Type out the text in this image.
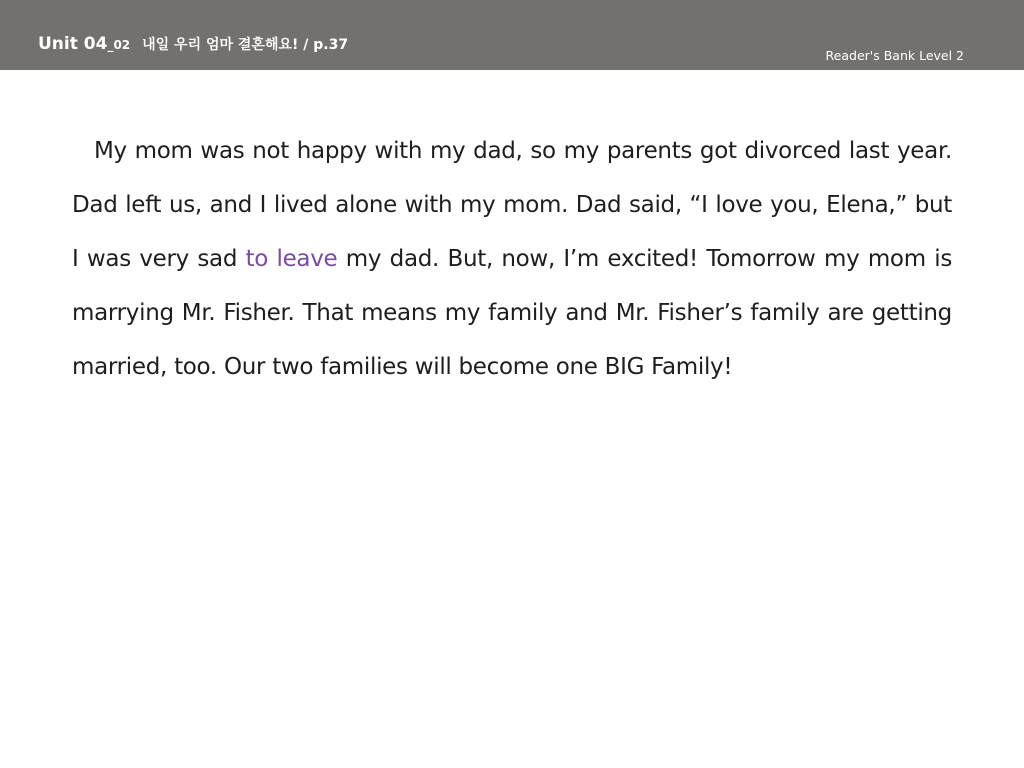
Unit 04_02 내일 우리 엄마 결혼해요! / p.37
Reader's Bank Level 2

My mom was not happy with my dad, so my parents got divorced last year. Dad left us, and I lived alone with my mom. Dad said, “I love you, Elena,” but I was very sad to leave my dad. But, now, I’m excited! Tomorrow my mom is marrying Mr. Fisher. That means my family and Mr. Fisher’s family are getting married, too. Our two families will become one BIG Family!
